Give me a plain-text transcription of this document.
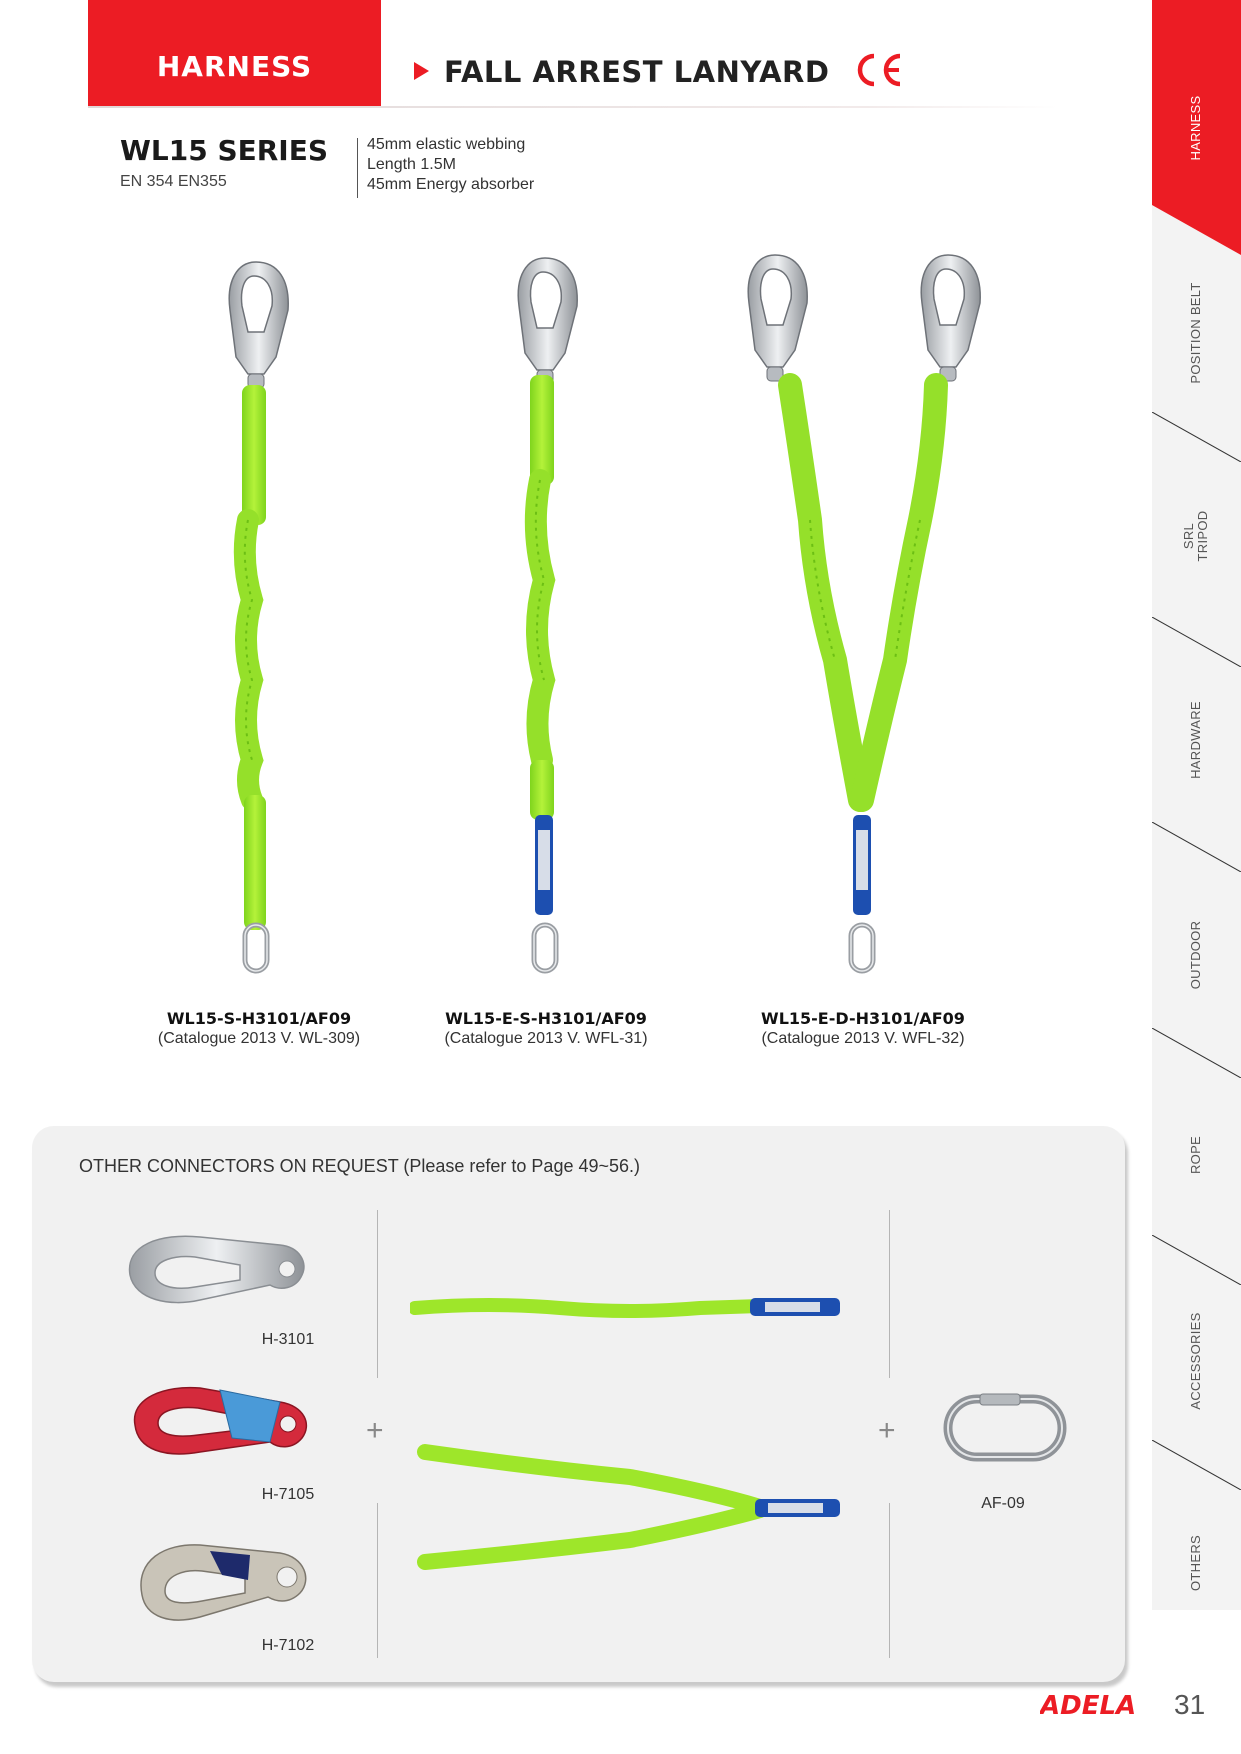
HARNESS	FALL ARREST LANYARD
WL15 SERIES
EN 354 EN355
45mm elastic webbing
Length 1.5M
45mm Energy absorber
WL15-S-H3101/AF09
(Catalogue 2013 V. WL-309)
WL15-E-S-H3101/AF09
(Catalogue 2013 V. WFL-31)
WL15-E-D-H3101/AF09
(Catalogue 2013 V. WFL-32)
OTHER CONNECTORS ON REQUEST (Please refer to Page 49~56.)
+	+
H-3101
H-7105
H-7102
AF-09
HARNESS
POSITION BELT
SRL
TRIPOD
HARDWARE
OUTDOOR
ROPE
ACCESSORIES
OTHERS
ADELA 31
